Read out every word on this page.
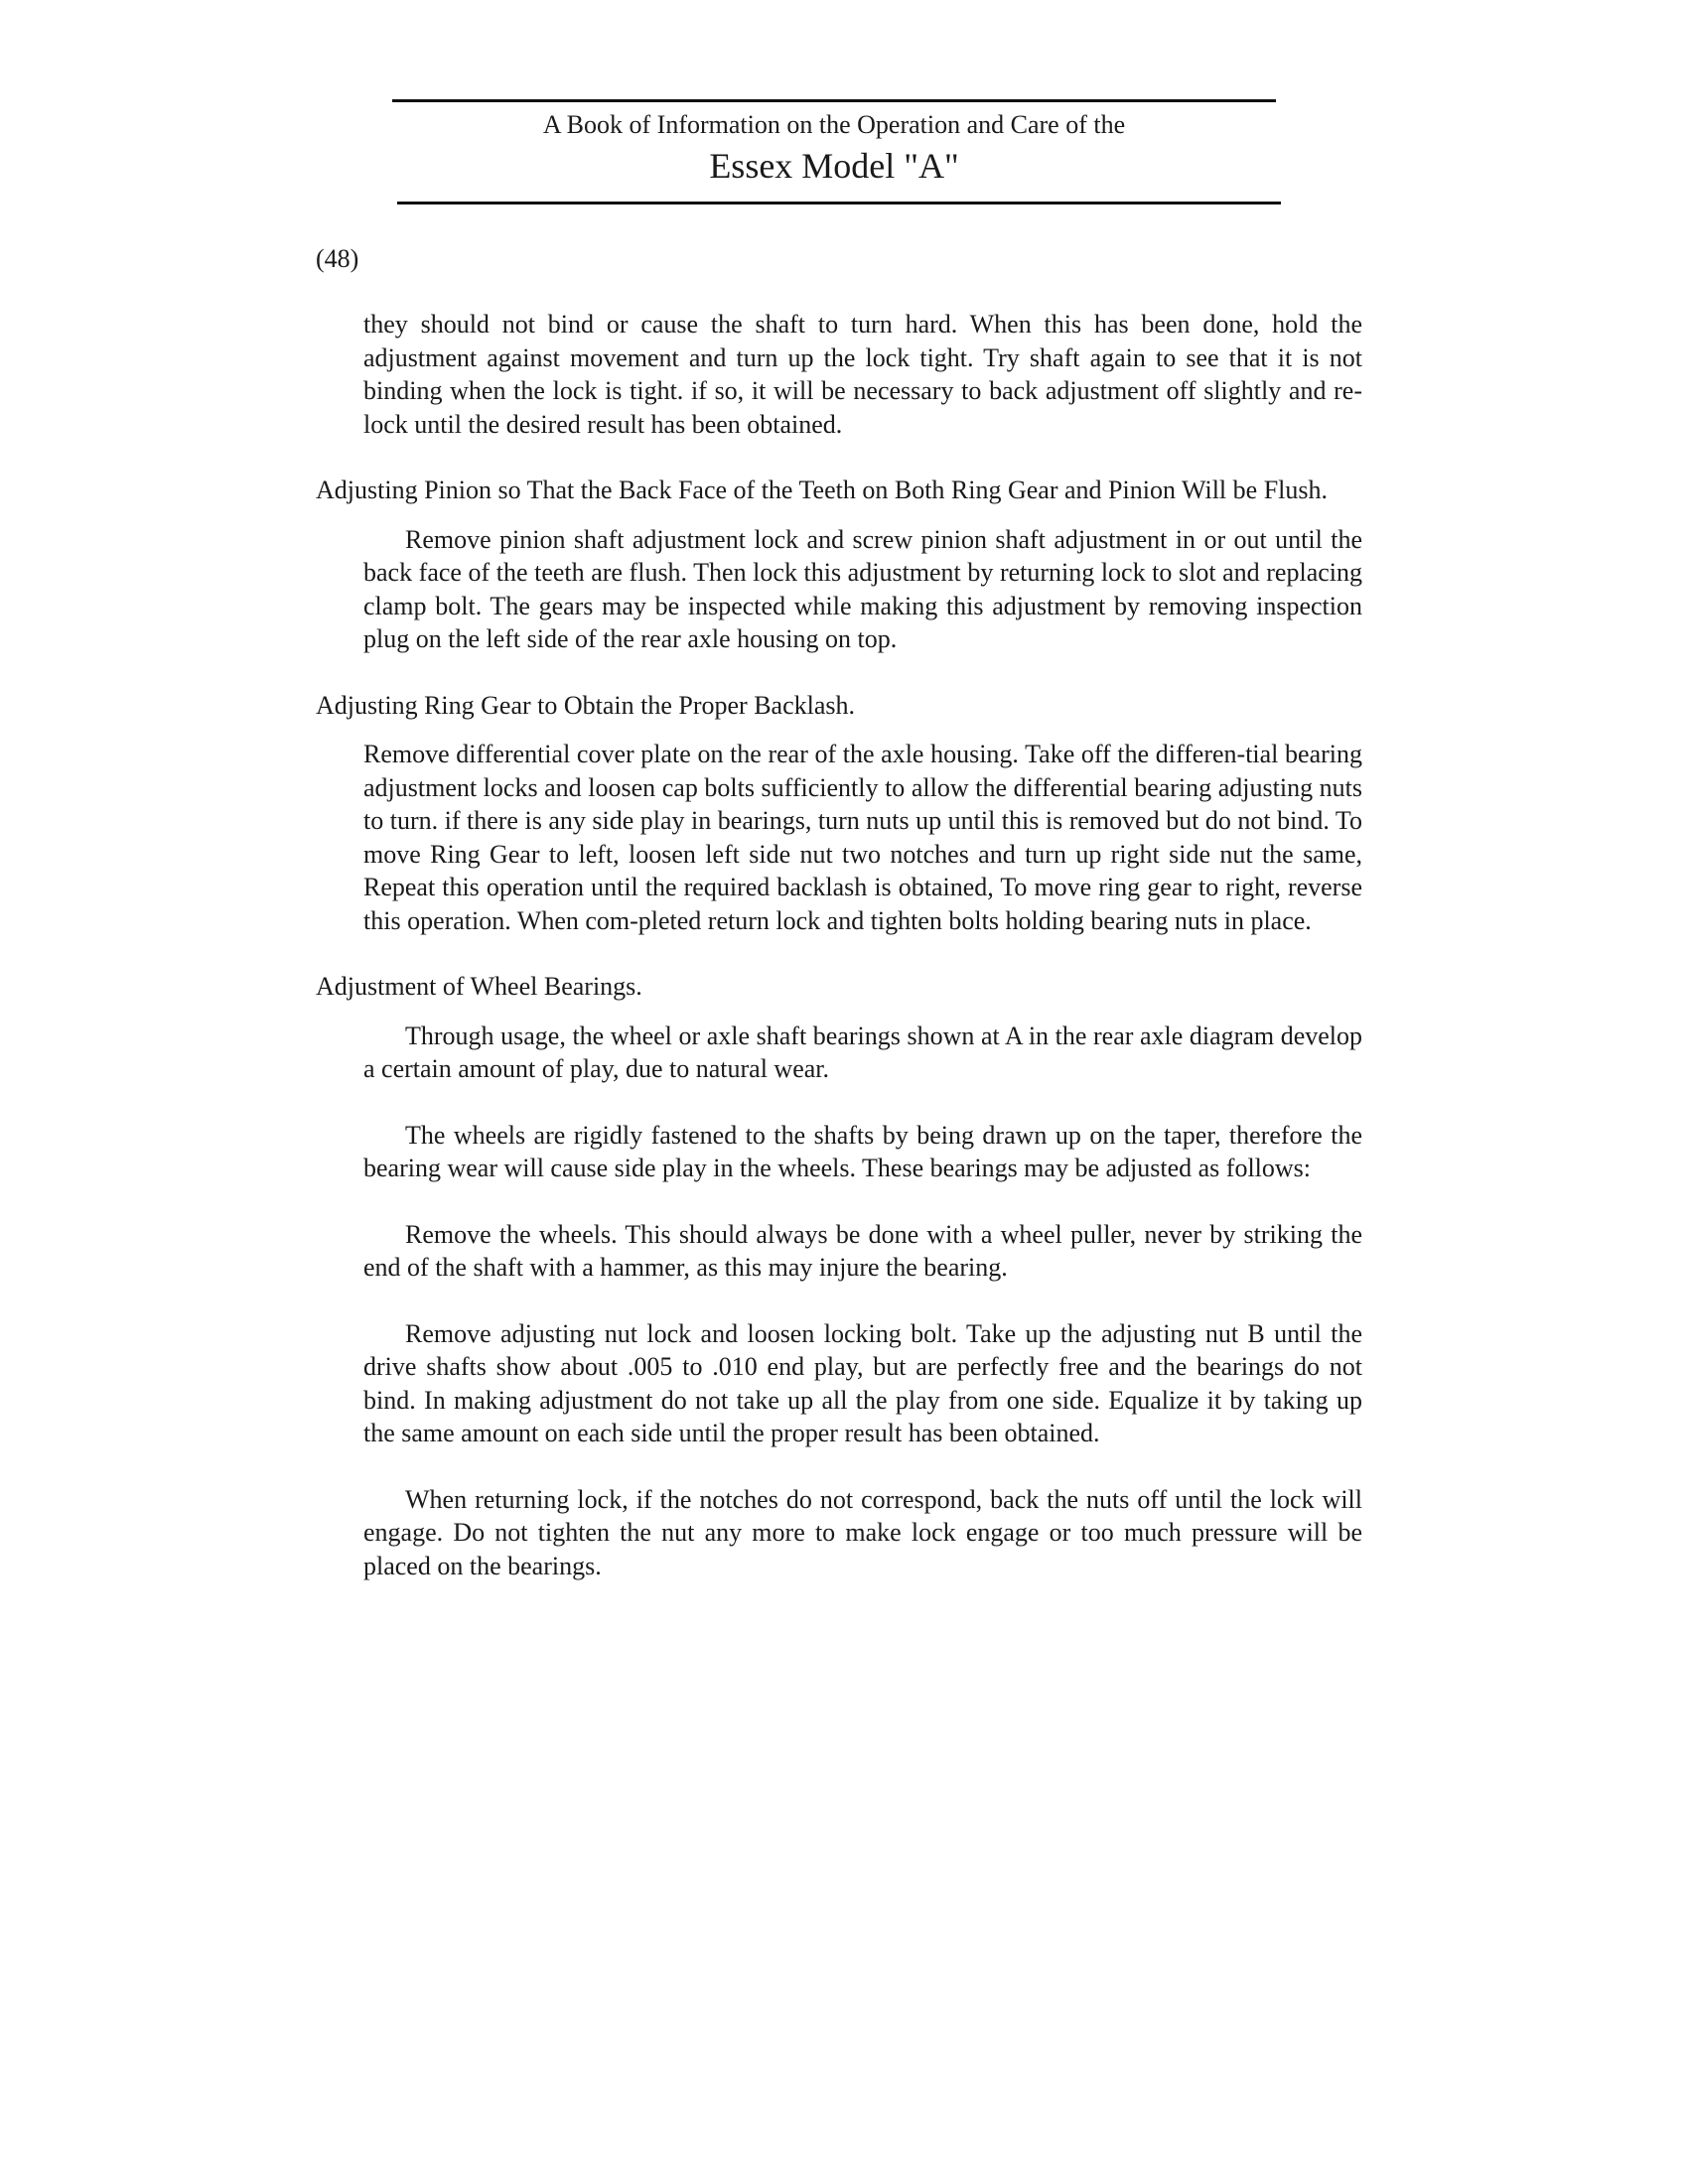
A Book of Information on the Operation and Care of the
Essex Model "A"
(48)

they should not bind or cause the shaft to turn hard. When this has been done, hold the adjustment against movement and turn up the lock tight. Try shaft again to see that it is not binding when the lock is tight. if so, it will be necessary to back adjustment off slightly and re-lock until the desired result has been obtained.

Adjusting Pinion so That the Back Face of the Teeth on Both Ring Gear and Pinion Will be Flush.

Remove pinion shaft adjustment lock and screw pinion shaft adjustment in or out until the back face of the teeth are flush. Then lock this adjustment by returning lock to slot and replacing clamp bolt. The gears may be inspected while making this adjustment by removing inspection plug on the left side of the rear axle housing on top.

Adjusting Ring Gear to Obtain the Proper Backlash.

Remove differential cover plate on the rear of the axle housing. Take off the differen-tial bearing adjustment locks and loosen cap bolts sufficiently to allow the differential bearing adjusting nuts to turn. if there is any side play in bearings, turn nuts up until this is removed but do not bind. To move Ring Gear to left, loosen left side nut two notches and turn up right side nut the same, Repeat this operation until the required backlash is obtained, To move ring gear to right, reverse this operation. When com-pleted return lock and tighten bolts holding bearing nuts in place.

Adjustment of Wheel Bearings.

Through usage, the wheel or axle shaft bearings shown at A in the rear axle diagram develop a certain amount of play, due to natural wear.

The wheels are rigidly fastened to the shafts by being drawn up on the taper, therefore the bearing wear will cause side play in the wheels. These bearings may be adjusted as follows:

Remove the wheels. This should always be done with a wheel puller, never by striking the end of the shaft with a hammer, as this may injure the bearing.

Remove adjusting nut lock and loosen locking bolt. Take up the adjusting nut B until the drive shafts show about .005 to .010 end play, but are perfectly free and the bearings do not bind. In making adjustment do not take up all the play from one side. Equalize it by taking up the same amount on each side until the proper result has been obtained.

When returning lock, if the notches do not correspond, back the nuts off until the lock will engage. Do not tighten the nut any more to make lock engage or too much pressure will be placed on the bearings.
